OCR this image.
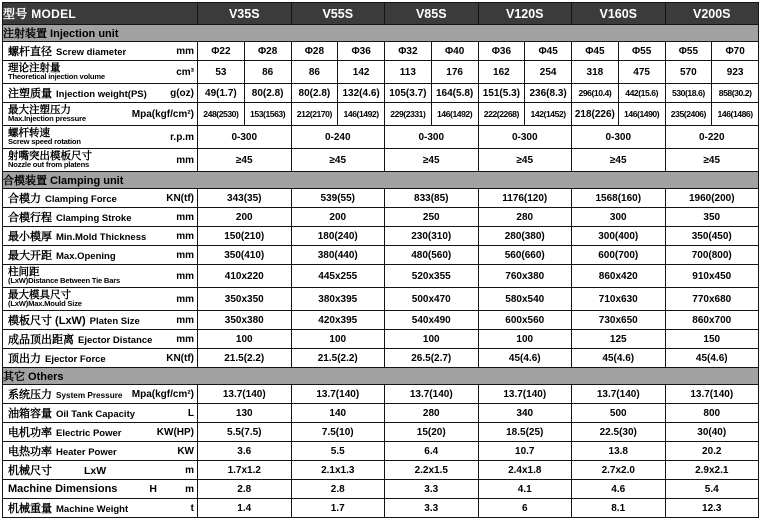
型号 MODEL	V35S		V55S		V85S		V120S		V160S		V200S	
注射装置 Injection unit												

螺杆直径 Screw diameter mm	Φ22	Φ28	Φ28	Φ36	Φ32	Φ40	Φ36	Φ45	Φ45	Φ55	Φ55	Φ70

理论注射量
Theoretical injection volume cm³	53	86	86	142	113	176	162	254	318	475	570	923

注塑质量 Injection weight(PS) g(oz)	49(1.7)	80(2.8)	80(2.8)	132(4.6)	105(3.7)	164(5.8)	151(5.3)	236(8.3)	296(10.4)	442(15.6)	530(18.6)	858(30.2)

最大注塑压力
Max.Injection pressure Mpa(kgf/cm²)	248(2530)	153(1563)	212(2170)	146(1492)	229(2331)	146(1492)	222(2268)	142(1452)	218(226)	146(1490)	235(2406)	146(1486)

螺杆转速
Screw speed rotation r.p.m	0-300		0-240		0-300		0-300		0-300		0-220	

射嘴突出模板尺寸
Nozzle out from platens mm	≥45		≥45		≥45		≥45		≥45		≥45	
合模装置 Clamping unit												

合模力 Clamping Force KN(tf)	343(35)		539(55)		833(85)		1176(120)		1568(160)		1960(200)	

合模行程 Clamping Stroke mm	200		200		250		280		300		350	

最小模厚 Min.Mold Thickness mm	150(210)		180(240)		230(310)		280(380)		300(400)		350(450)	

最大开距 Max.Opening mm	350(410)		380(440)		480(560)		560(660)		600(700)		700(800)	

柱间距
(LxW)Distance Between Tie Bars mm	410x220		445x255		520x355		760x380		860x420		910x450	

最大模具尺寸
(LxW)Max.Mould Size mm	350x350		380x395		500x470		580x540		710x630		770x680	

模板尺寸 (LxW) Platen Size mm	350x380		420x395		540x490		600x560		730x650		860x700	

成品顶出距离 Ejector Distance mm	100		100		100		100		125		150	

顶出力 Ejector Force KN(tf)	21.5(2.2)		21.5(2.2)		26.5(2.7)		45(4.6)		45(4.6)		45(4.6)	
其它 Others												

系统压力 System Pressure Mpa(kgf/cm²)	13.7(140)		13.7(140)		13.7(140)		13.7(140)		13.7(140)		13.7(140)	

油箱容量 Oil Tank Capacity L	130		140		280		340		500		800	

电机功率 Electric Power KW(HP)	5.5(7.5)		7.5(10)		15(20)		18.5(25)		22.5(30)		30(40)	

电热功率 Heater Power KW	3.6		5.5		6.4		10.7		13.8		20.2	

机械尺寸 LxW m	1.7x1.2		2.1x1.3		2.2x1.5		2.4x1.8		2.7x2.0		2.9x2.1	

Machine Dimensions H m	2.8		2.8		3.3		4.1		4.6		5.4	

机械重量 Machine Weight t	1.4		1.7		3.3		6		8.1		12.3	
